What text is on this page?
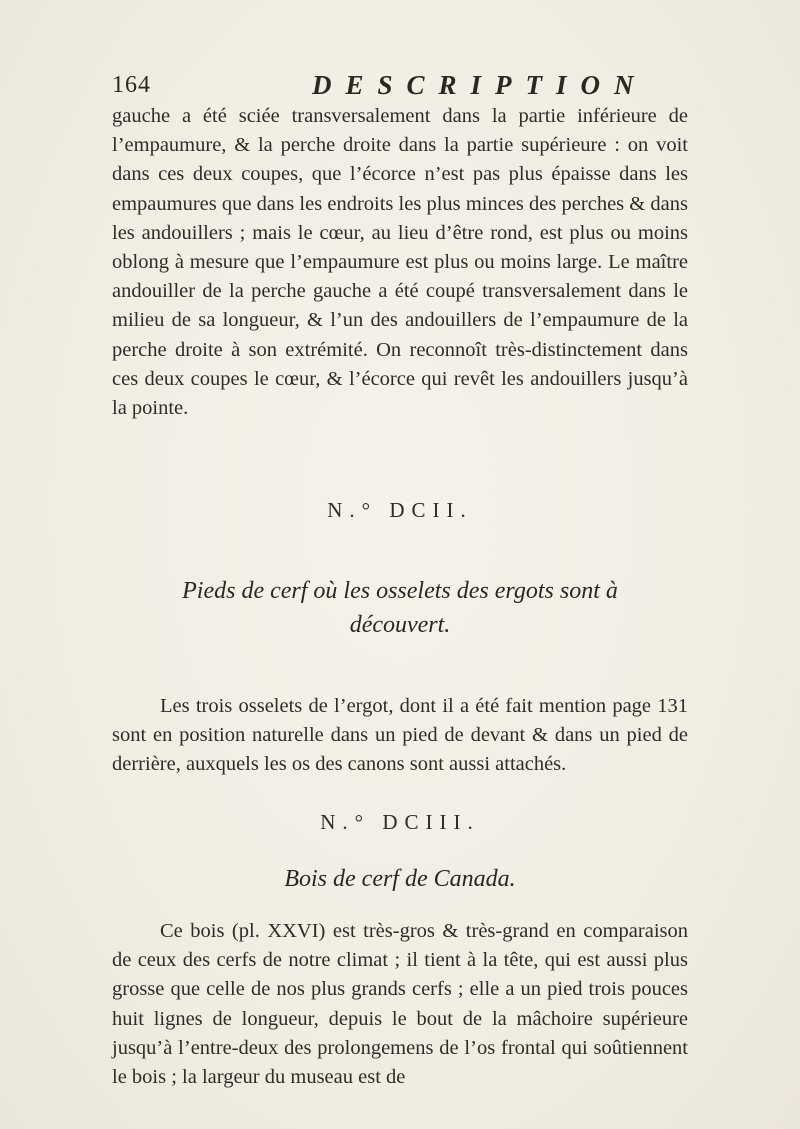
164	DESCRIPTION
gauche a été sciée transversalement dans la partie inférieure de l’empaumure, & la perche droite dans la partie supérieure : on voit dans ces deux coupes, que l’écorce n’est pas plus épaisse dans les empaumures que dans les endroits les plus minces des perches & dans les andouillers ; mais le cœur, au lieu d’être rond, est plus ou moins oblong à mesure que l’empaumure est plus ou moins large. Le maître andouiller de la perche gauche a été coupé transversalement dans le milieu de sa longueur, & l’un des andouillers de l’empaumure de la perche droite à son extrémité. On reconnoît très-distinctement dans ces deux coupes le cœur, & l’écorce qui revêt les andouillers jusqu’à la pointe.
N.° DCII.
Pieds de cerf où les osselets des ergots sont à
découvert.
Les trois osselets de l’ergot, dont il a été fait mention page 131 sont en position naturelle dans un pied de devant & dans un pied de derrière, auxquels les os des canons sont aussi attachés.
N.° DCIII.
Bois de cerf de Canada.
Ce bois (pl. XXVI) est très-gros & très-grand en comparaison de ceux des cerfs de notre climat ; il tient à la tête, qui est aussi plus grosse que celle de nos plus grands cerfs ; elle a un pied trois pouces huit lignes de longueur, depuis le bout de la mâchoire supérieure jusqu’à l’entre-deux des prolongemens de l’os frontal qui soûtiennent le bois ; la largeur du museau est de
